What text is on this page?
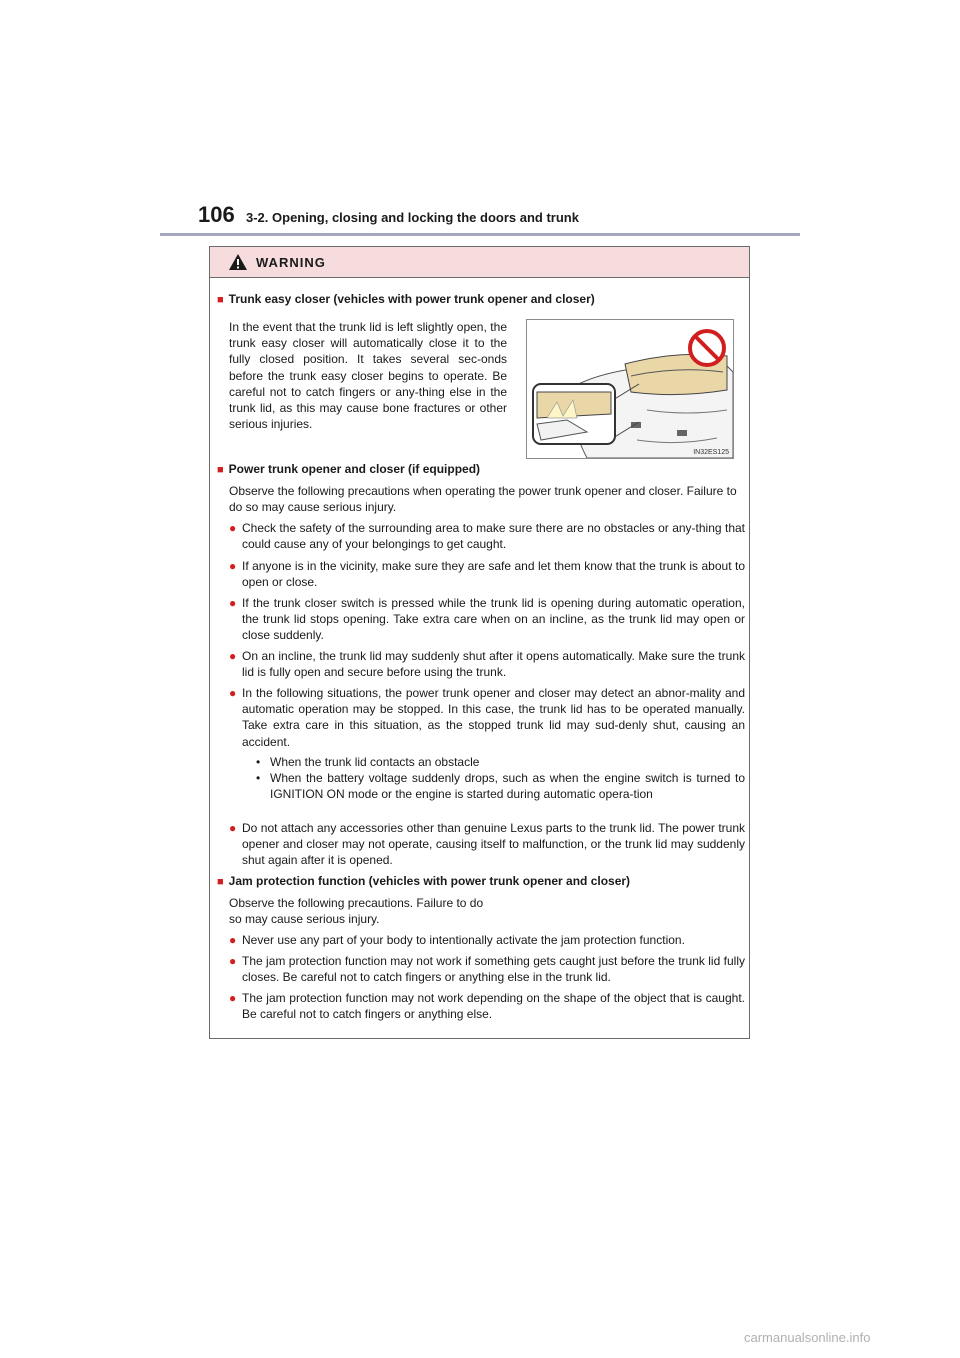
106 3-2. Opening, closing and locking the doors and trunk
WARNING
■ Trunk easy closer (vehicles with power trunk opener and closer)
In the event that the trunk lid is left slightly open, the trunk easy closer will automatically close it to the fully closed position. It takes several sec-onds before the trunk easy closer begins to operate. Be careful not to catch fingers or any-thing else in the trunk lid, as this may cause bone fractures or other serious injuries.
IN32ES125
■ Power trunk opener and closer (if equipped)
Observe the following precautions when operating the power trunk opener and closer. Failure to do so may cause serious injury.
● Check the safety of the surrounding area to make sure there are no obstacles or any-thing that could cause any of your belongings to get caught.
● If anyone is in the vicinity, make sure they are safe and let them know that the trunk is about to open or close.
● If the trunk closer switch is pressed while the trunk lid is opening during automatic operation, the trunk lid stops opening. Take extra care when on an incline, as the trunk lid may open or close suddenly.
● On an incline, the trunk lid may suddenly shut after it opens automatically. Make sure the trunk lid is fully open and secure before using the trunk.
● In the following situations, the power trunk opener and closer may detect an abnor-mality and automatic operation may be stopped. In this case, the trunk lid has to be operated manually. Take extra care in this situation, as the stopped trunk lid may sud-denly shut, causing an accident.
• When the trunk lid contacts an obstacle
• When the battery voltage suddenly drops, such as when the engine switch is turned to IGNITION ON mode or the engine is started during automatic opera-tion
● Do not attach any accessories other than genuine Lexus parts to the trunk lid. The power trunk opener and closer may not operate, causing itself to malfunction, or the trunk lid may suddenly shut again after it is opened.
■ Jam protection function (vehicles with power trunk opener and closer)
Observe the following precautions. Failure to do so may cause serious injury.
● Never use any part of your body to intentionally activate the jam protection function.
● The jam protection function may not work if something gets caught just before the trunk lid fully closes. Be careful not to catch fingers or anything else in the trunk lid.
● The jam protection function may not work depending on the shape of the object that is caught. Be careful not to catch fingers or anything else.
carmanualsonline.info
